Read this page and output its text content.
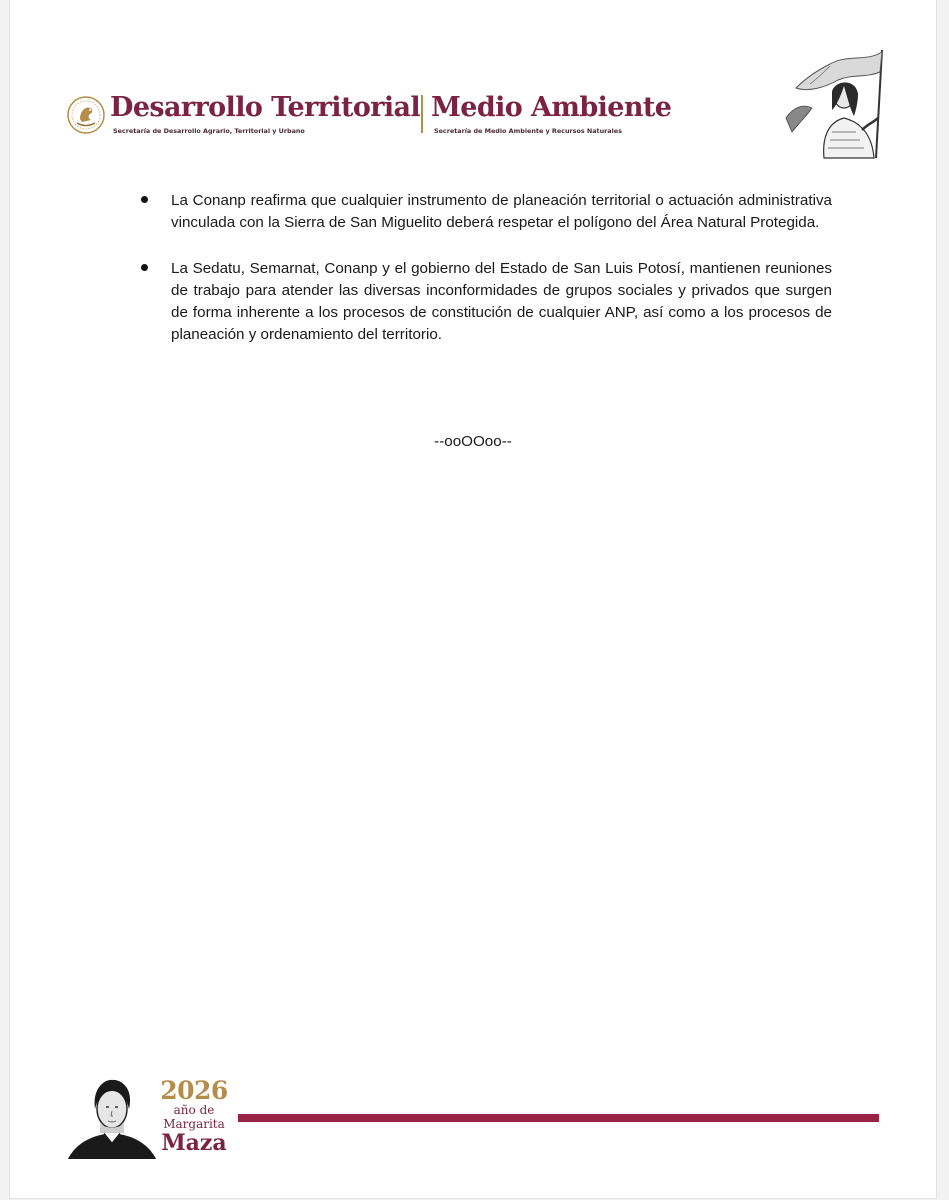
Desarrollo Territorial
Secretaría de Desarrollo Agrario, Territorial y Urbano
Medio Ambiente
Secretaría de Medio Ambiente y Recursos Naturales

La Conanp reafirma que cualquier instrumento de planeación territorial o actuación administrativa vinculada con la Sierra de San Miguelito deberá respetar el polígono del Área Natural Protegida.

La Sedatu, Semarnat, Conanp y el gobierno del Estado de San Luis Potosí, mantienen reuniones de trabajo para atender las diversas inconformidades de grupos sociales y privados que surgen de forma inherente a los procesos de constitución de cualquier ANP, así como a los procesos de planeación y ordenamiento del territorio.

--ooOOoo--
2026
año de
Margarita
Maza
